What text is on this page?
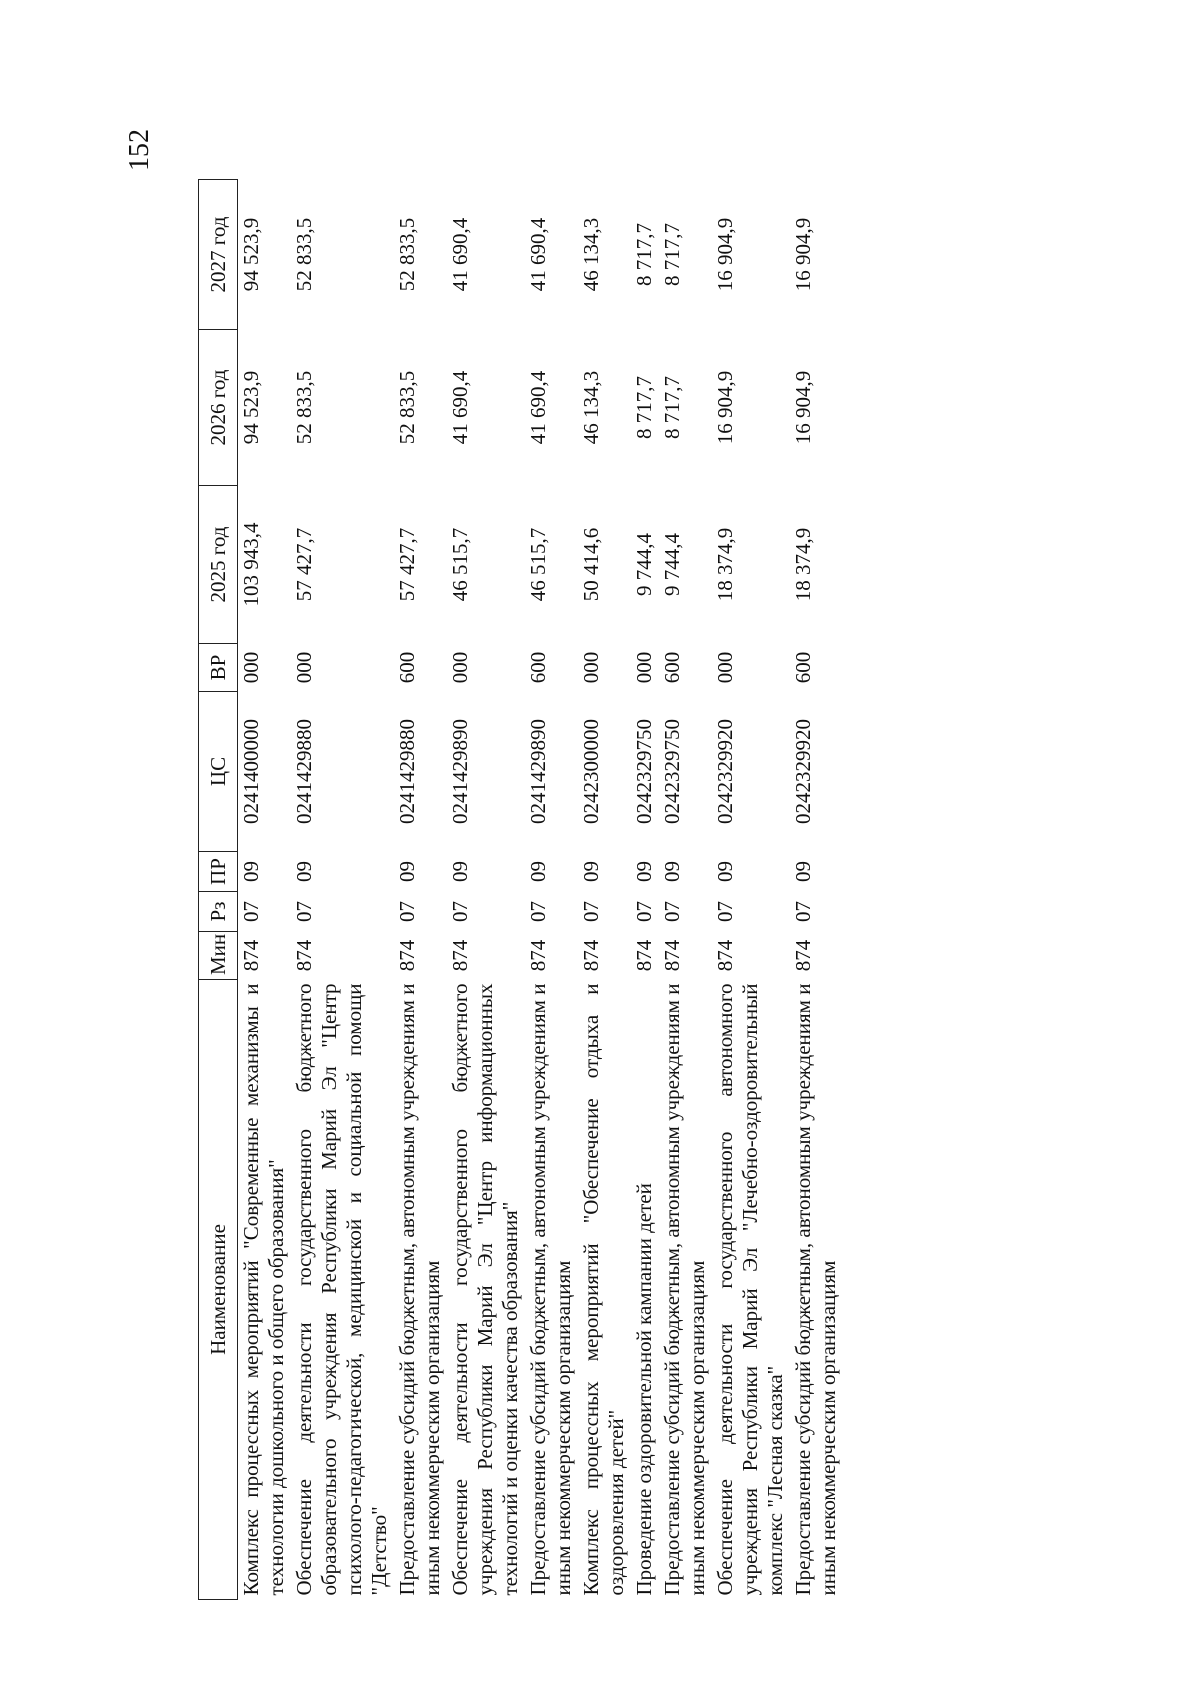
152
Наименование	Мин	Рз	ПР	ЦС	ВР	2025 год	2026 год	2027 год
Комплекс процессных мероприятий "Современные механизмы и технологии дошкольного и общего образования"	874	07	09	0241400000	000	103 943,4	94 523,9	94 523,9
Обеспечение деятельности государственного бюджетного образовательного учреждения Республики Марий Эл "Центр психолого-педагогической, медицинской и социальной помощи "Детство"	874	07	09	0241429880	000	57 427,7	52 833,5	52 833,5
Предоставление субсидий бюджетным, автономным учреждениям и иным некоммерческим организациям	874	07	09	0241429880	600	57 427,7	52 833,5	52 833,5
Обеспечение деятельности государственного бюджетного учреждения Республики Марий Эл "Центр информационных технологий и оценки качества образования"	874	07	09	0241429890	000	46 515,7	41 690,4	41 690,4
Предоставление субсидий бюджетным, автономным учреждениям и иным некоммерческим организациям	874	07	09	0241429890	600	46 515,7	41 690,4	41 690,4
Комплекс процессных мероприятий "Обеспечение отдыха и оздоровления детей"	874	07	09	0242300000	000	50 414,6	46 134,3	46 134,3
Проведение оздоровительной кампании детей	874	07	09	0242329750	000	9 744,4	8 717,7	8 717,7
Предоставление субсидий бюджетным, автономным учреждениям и иным некоммерческим организациям	874	07	09	0242329750	600	9 744,4	8 717,7	8 717,7
Обеспечение деятельности государственного автономного учреждения Республики Марий Эл "Лечебно-оздоровительный комплекс "Лесная сказка"	874	07	09	0242329920	000	18 374,9	16 904,9	16 904,9
Предоставление субсидий бюджетным, автономным учреждениям и иным некоммерческим организациям	874	07	09	0242329920	600	18 374,9	16 904,9	16 904,9
